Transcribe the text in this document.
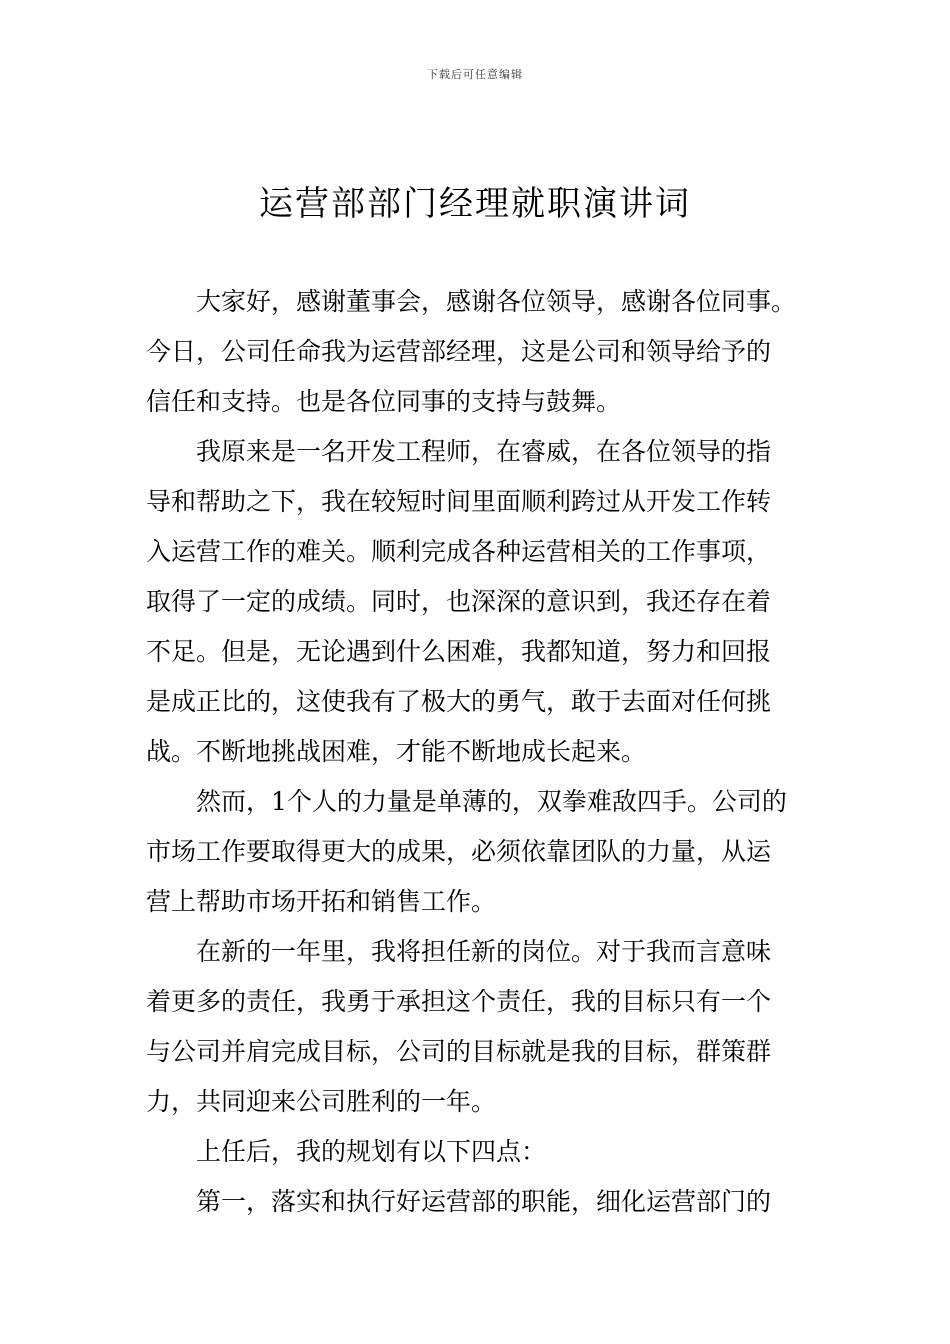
下载后可任意编辑
运营部部门经理就职演讲词
大家好，感谢董事会，感谢各位领导，感谢各位同事。
今日，公司任命我为运营部经理，这是公司和领导给予的
信任和支持。也是各位同事的支持与鼓舞。
我原来是一名开发工程师，在睿威，在各位领导的指
导和帮助之下，我在较短时间里面顺利跨过从开发工作转
入运营工作的难关。顺利完成各种运营相关的工作事项，
取得了一定的成绩。同时，也深深的意识到，我还存在着
不足。但是，无论遇到什么困难，我都知道，努力和回报
是成正比的，这使我有了极大的勇气，敢于去面对任何挑
战。不断地挑战困难，才能不断地成长起来。
然而，1个人的力量是单薄的，双拳难敌四手。公司的
市场工作要取得更大的成果，必须依靠团队的力量，从运
营上帮助市场开拓和销售工作。
在新的一年里，我将担任新的岗位。对于我而言意味
着更多的责任，我勇于承担这个责任，我的目标只有一个
与公司并肩完成目标，公司的目标就是我的目标，群策群
力，共同迎来公司胜利的一年。
上任后，我的规划有以下四点：
第一，落实和执行好运营部的职能，细化运营部门的
